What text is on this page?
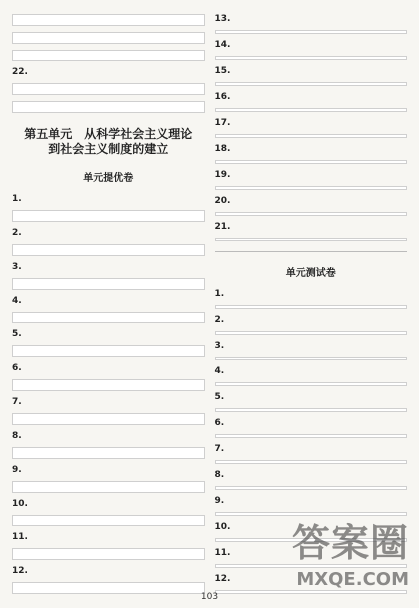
22.
第五单元　从科学社会主义理论
到社会主义制度的建立
单元提优卷
1.
2.
3.
4.
5.
6.
7.
8.
9.
10.
11.
12.
13.
14.
15.
16.
17.
18.
19.
20.
21.
单元测试卷
1.
2.
3.
4.
5.
6.
7.
8.
9.
10.
11.
12.
103
答案圈
MXQE.COM
